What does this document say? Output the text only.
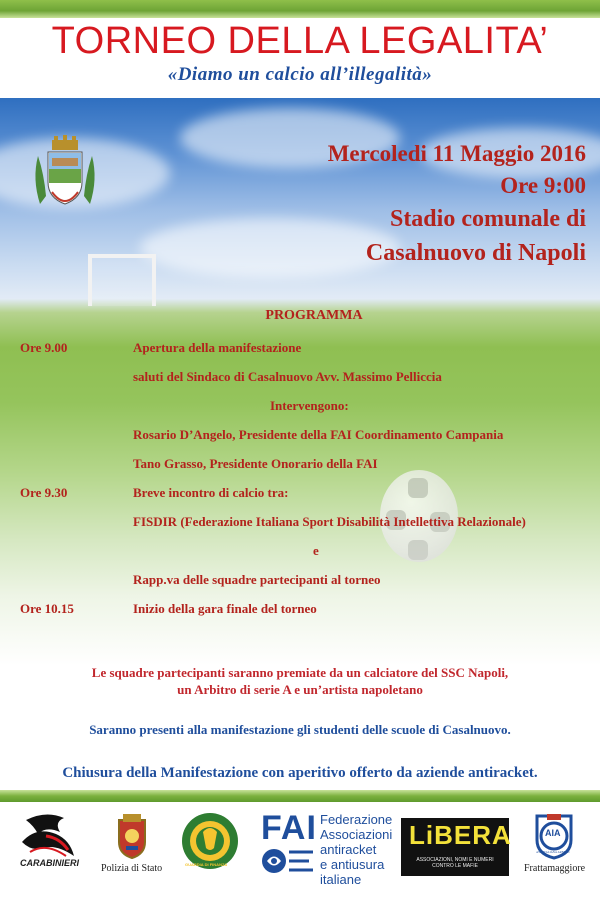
TORNEO DELLA LEGALITA’
«Diamo un calcio all’illegalità»
Mercoledi 11 Maggio 2016
Ore 9:00
Stadio comunale di
Casalnuovo di Napoli
PROGRAMMA
Ore 9.00	Apertura della manifestazione
saluti del Sindaco di Casalnuovo Avv. Massimo Pelliccia
Intervengono:
Rosario D’Angelo, Presidente della FAI Coordinamento Campania
Tano Grasso, Presidente Onorario della FAI
Ore 9.30	Breve incontro di calcio tra:
FISDIR (Federazione Italiana Sport Disabilità Intellettiva Relazionale)
e
Rapp.va delle squadre partecipanti al torneo
Ore 10.15	Inizio della gara finale del torneo
Le squadre partecipanti saranno premiate da un calciatore del SSC Napoli,
un Arbitro di serie A e un’artista napoletano
Saranno presenti alla manifestazione gli studenti delle scuole di Casalnuovo.
Chiusura della Manifestazione con aperitivo offerto da aziende antiracket.
CARABINIERI Polizia di Stato	GUARDIA DI FINANZA
FAI Federazione
Associazioni
antiracket
e antiusura
italiane
LiBERA
ASSOCIAZIONI, NOMI E NUMERI CONTRO LE MAFIE
AIA
ASS. ITALIANA ARBITRI
Frattamaggiore
